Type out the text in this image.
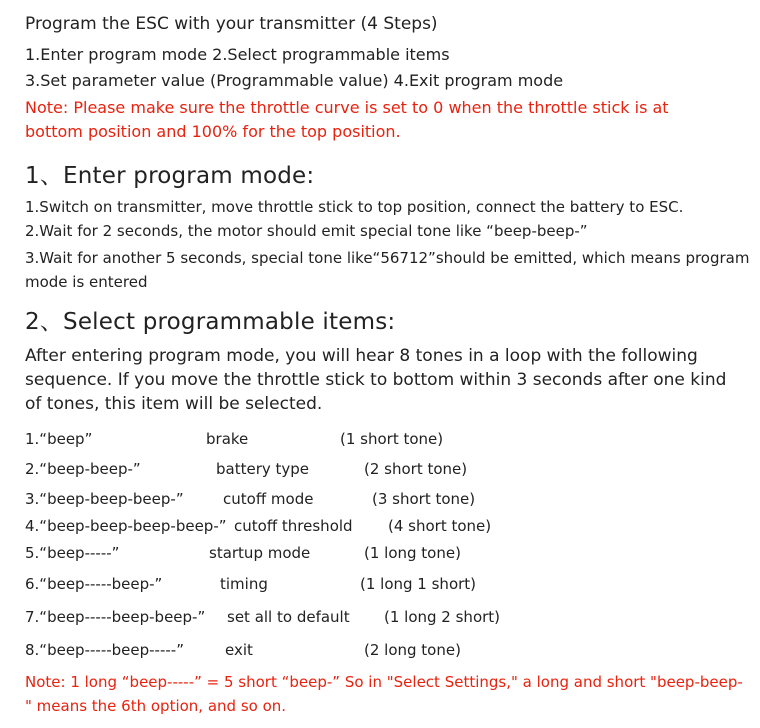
Program the ESC with your transmitter (4 Steps)
1.Enter program mode 2.Select programmable items
3.Set parameter value (Programmable value) 4.Exit program mode
Note: Please make sure the throttle curve is set to 0 when the throttle stick is at bottom position and 100% for the top position.
1、Enter program mode:
1.Switch on transmitter, move throttle stick to top position, connect the battery to ESC.
2.Wait for 2 seconds, the motor should emit special tone like “beep-beep-”
3.Wait for another 5 seconds, special tone like“56712”should be emitted, which means program mode is entered
2、Select programmable items:
After entering program mode, you will hear 8 tones in a loop with the following sequence. If you move the throttle stick to bottom within 3 seconds after one kind of tones, this item will be selected.
1.“beep”	brake	(1 short tone)
2.“beep-beep-”	battery type	(2 short tone)
3.“beep-beep-beep-”	cutoff mode	(3 short tone)
4.“beep-beep-beep-beep-” cutoff threshold (4 short tone)
5.“beep-----”	startup mode	(1 long tone)
6.“beep-----beep-”	timing	(1 long 1 short)
7.“beep-----beep-beep-” set all to default (1 long 2 short)
8.“beep-----beep-----”	exit	(2 long tone)
Note: 1 long “beep-----” = 5 short “beep-” So in "Select Settings," a long and short "beep-beep-" means the 6th option, and so on.
